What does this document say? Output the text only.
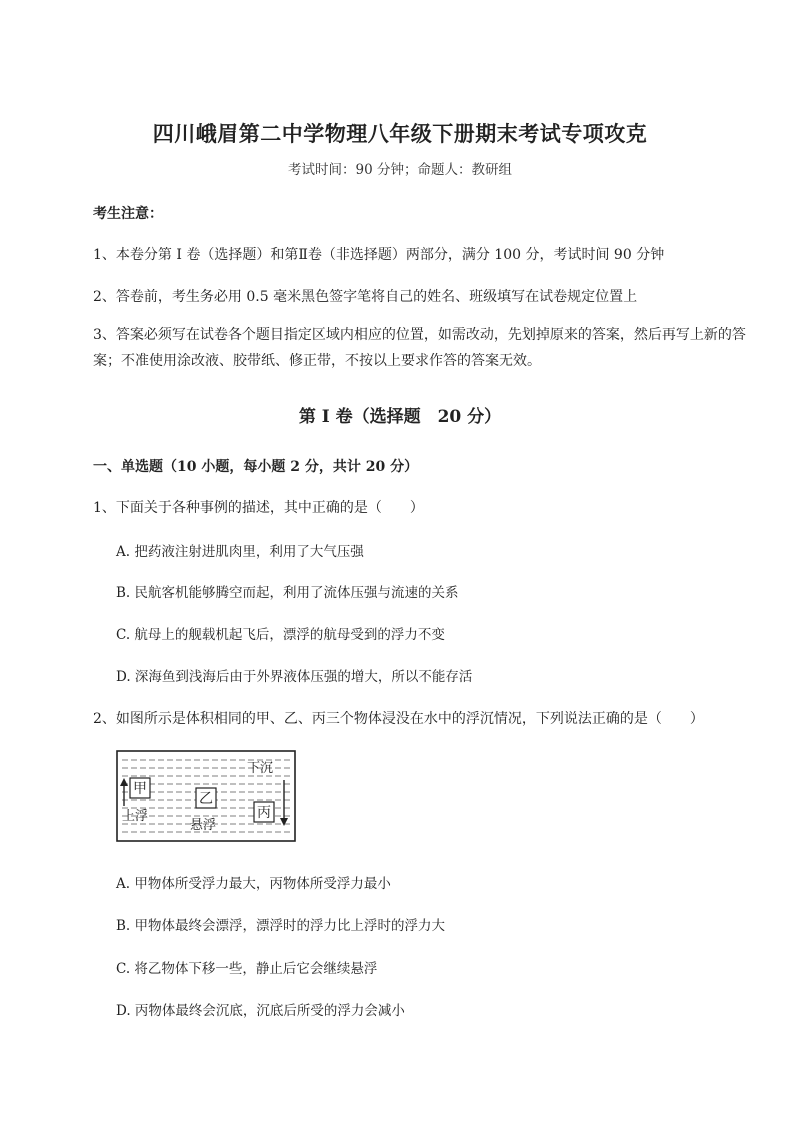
四川峨眉第二中学物理八年级下册期末考试专项攻克
考试时间：90 分钟；命题人：教研组
考生注意：
1、本卷分第 I 卷（选择题）和第Ⅱ卷（非选择题）两部分，满分 100 分，考试时间 90 分钟
2、答卷前，考生务必用 0.5 毫米黑色签字笔将自己的姓名、班级填写在试卷规定位置上
3、答案必须写在试卷各个题目指定区域内相应的位置，如需改动，先划掉原来的答案，然后再写上新的答案；不准使用涂改液、胶带纸、修正带，不按以上要求作答的答案无效。
第 I 卷（选择题　20 分）
一、单选题（10 小题，每小题 2 分，共计 20 分）
1、下面关于各种事例的描述，其中正确的是（　　）
A. 把药液注射进肌肉里，利用了大气压强
B. 民航客机能够腾空而起，利用了流体压强与流速的关系
C. 航母上的舰载机起飞后，漂浮的航母受到的浮力不变
D. 深海鱼到浅海后由于外界液体压强的增大，所以不能存活
2、如图所示是体积相同的甲、乙、丙三个物体浸没在水中的浮沉情况，下列说法正确的是（　　）
甲
上浮
乙
悬浮
下沉
丙
A. 甲物体所受浮力最大，丙物体所受浮力最小
B. 甲物体最终会漂浮，漂浮时的浮力比上浮时的浮力大
C. 将乙物体下移一些，静止后它会继续悬浮
D. 丙物体最终会沉底，沉底后所受的浮力会减小
